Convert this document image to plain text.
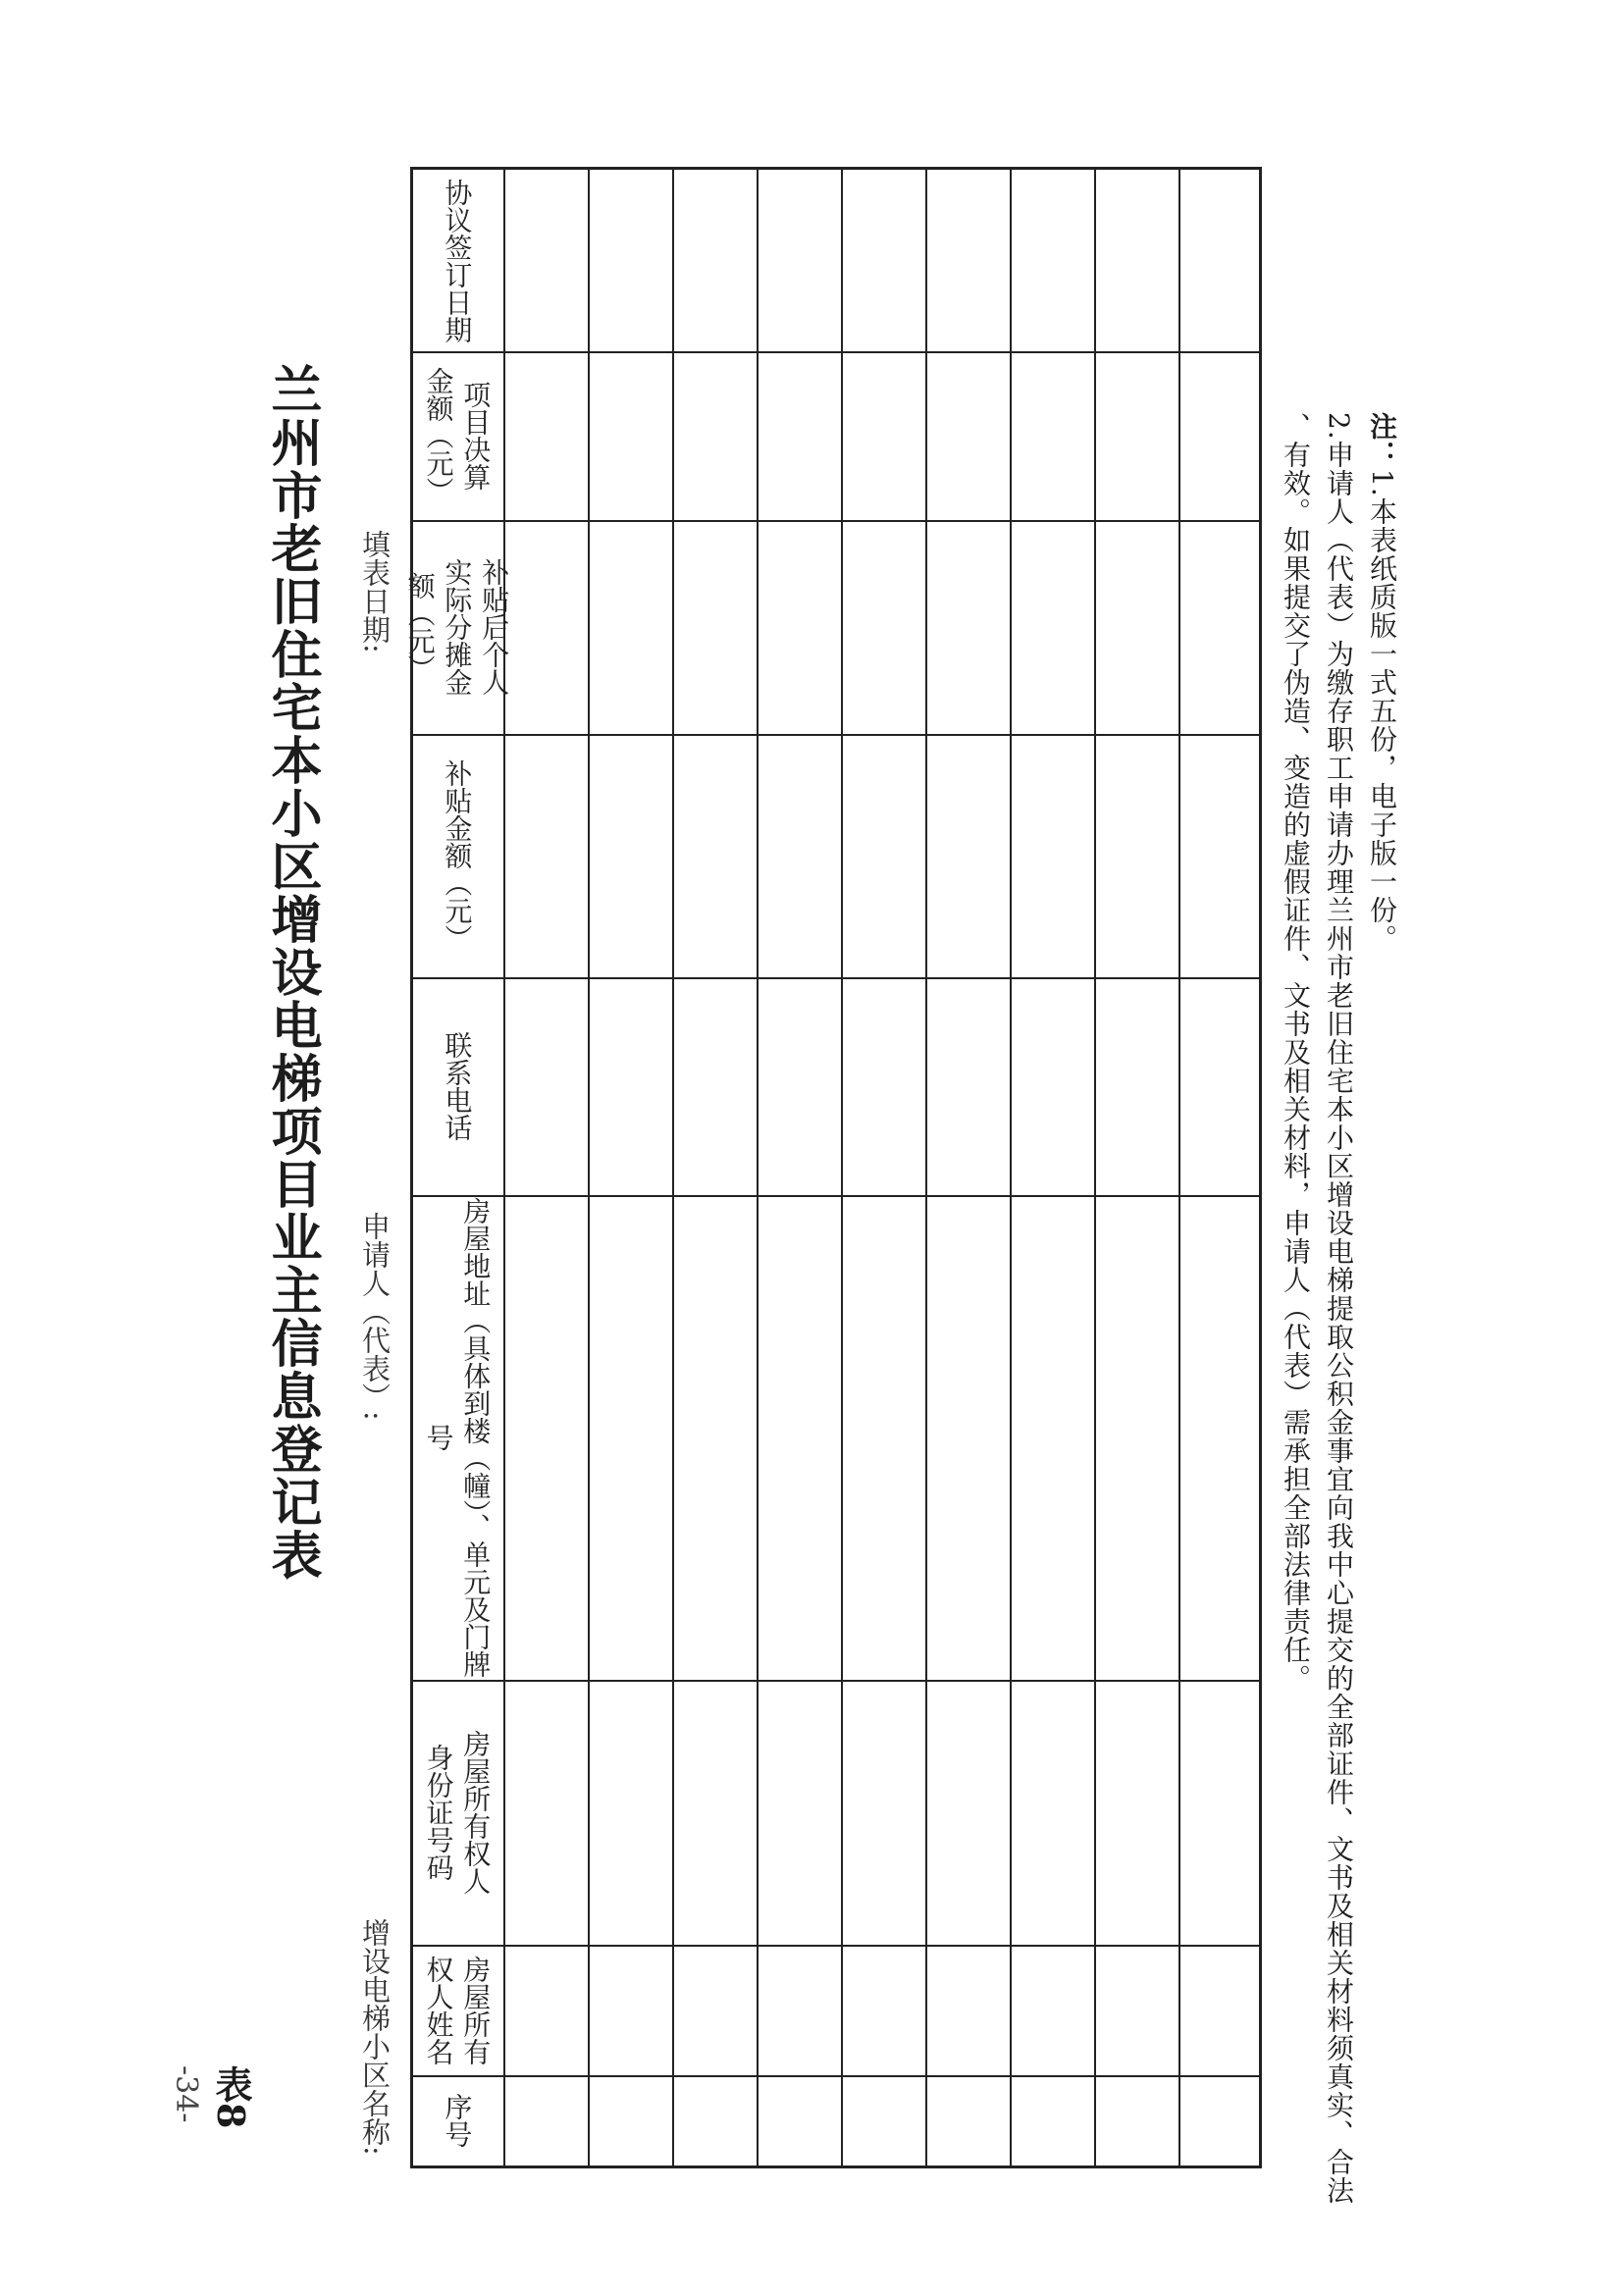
-34- 表8
兰州市老旧住宅本小区增设电梯项目业主信息登记表
增设电梯小区名称:
申请人（代表）:
填表日期:
序号
房屋所有
权人姓名
房屋所有权人
身份证号码
房屋地址（具体到楼（幢）、单元及门牌
号
联系电话
补贴金额（元）
补贴后个人
实际分摊金
额（元）
项目决算
金额（元）
协议签订日期
注：1.本表纸质版一式五份，电子版一份。
2.申请人（代表）为缴存职工申请办理兰州市老旧住宅本小区增设电梯提取公积金事宜向我中心提交的全部证件、文书及相关材料须真实、合法
、有效。如果提交了伪造、变造的虚假证件、文书及相关材料，申请人（代表）需承担全部法律责任。
